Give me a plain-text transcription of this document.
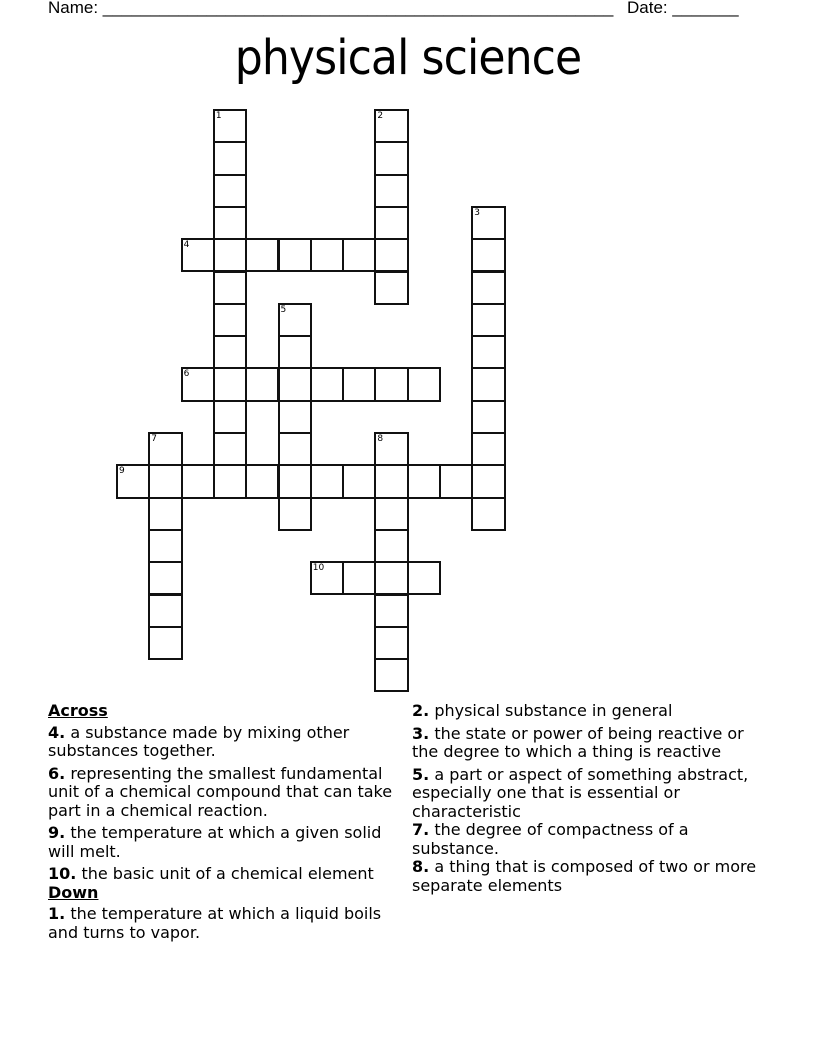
Name: ______________________________________________________ Date: _______
physical science
1	2
3
4
5
6
7	8
9
10
Across
4. a substance made by mixing other substances together.
6. representing the smallest fundamental unit of a chemical compound that can take part in a chemical reaction.
9. the temperature at which a given solid will melt.
10. the basic unit of a chemical element
Down
1. the temperature at which a liquid boils and turns to vapor.
2. physical substance in general
3. the state or power of being reactive or the degree to which a thing is reactive
5. a part or aspect of something abstract, especially one that is essential or characteristic
7. the degree of compactness of a substance.
8. a thing that is composed of two or more separate elements
